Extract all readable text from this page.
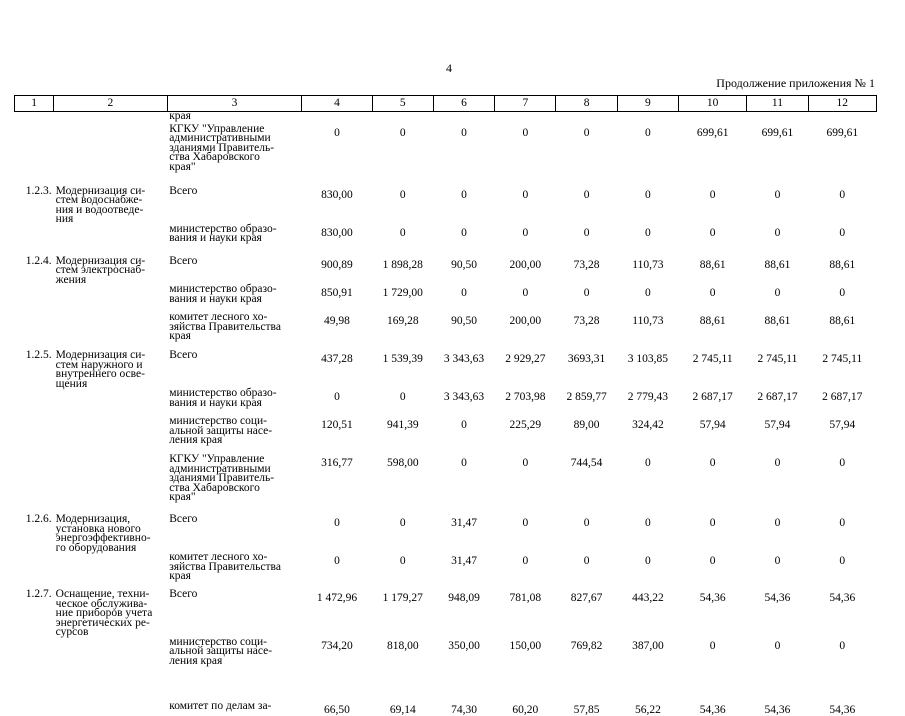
4
Продолжение приложения № 1
1	2	3	4	5	6	7	8	9	10	11	12

		края									

		КГКУ "Управление
административными
зданиями Правитель-
ства Хабаровского
края"	0	0	0	0	0	0	699,61	699,61	699,61
1.2.3.	Модернизация си-
стем водоснабже-
ния и водоотведе-
ния	Всего	830,00	0	0	0	0	0	0	0	0

		министерство образо-
вания и науки края	830,00	0	0	0	0	0	0	0	0
1.2.4.	Модернизация си-
стем электроснаб-
жения	Всего	900,89	1 898,28	90,50	200,00	73,28	110,73	88,61	88,61	88,61

		министерство образо-
вания и науки края	850,91	1 729,00	0	0	0	0	0	0	0

		комитет лесного хо-
зяйства Правительства
края	49,98	169,28	90,50	200,00	73,28	110,73	88,61	88,61	88,61
1.2.5.	Модернизация си-
стем наружного и
внутреннего осве-
щения	Всего	437,28	1 539,39	3 343,63	2 929,27	3693,31	3 103,85	2 745,11	2 745,11	2 745,11

		министерство образо-
вания и науки края	0	0	3 343,63	2 703,98	2 859,77	2 779,43	2 687,17	2 687,17	2 687,17

		министерство соци-
альной защиты насе-
ления края	120,51	941,39	0	225,29	89,00	324,42	57,94	57,94	57,94

		КГКУ "Управление
административными
зданиями Правитель-
ства Хабаровского
края"	316,77	598,00	0	0	744,54	0	0	0	0
1.2.6.	Модернизация,
установка нового
энергоэффективно-
го оборудования	Всего	0	0	31,47	0	0	0	0	0	0

		комитет лесного хо-
зяйства Правительства
края	0	0	31,47	0	0	0	0	0	0
1.2.7.	Оснащение, техни-
ческое обслужива-
ние приборов учета
энергетических ре-
сурсов	Всего	1 472,96	1 179,27	948,09	781,08	827,67	443,22	54,36	54,36	54,36

		министерство соци-
альной защиты насе-
ления края	734,20	818,00	350,00	150,00	769,82	387,00	0	0	0

		комитет по делам за-	66,50	69,14	74,30	60,20	57,85	56,22	54,36	54,36	54,36
